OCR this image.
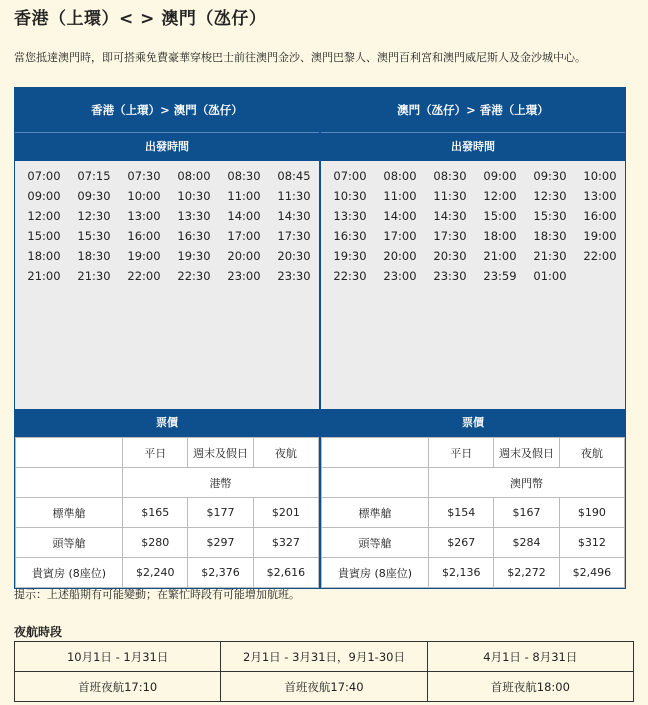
香港（上環）< > 澳門（氹仔）
當您抵達澳門時，即可搭乘免費豪華穿梭巴士前往澳門金沙、澳門巴黎人、澳門百利宮和澳門威尼斯人及金沙城中心。
香港（上環）> 澳門（氹仔）
出發時間
07:00	07:15	07:30	08:00	08:30	08:45
09:00	09:30	10:00	10:30	11:00	11:30
12:00	12:30	13:00	13:30	14:00	14:30
15:00	15:30	16:00	16:30	17:00	17:30
18:00	18:30	19:00	19:30	20:00	20:30
21:00	21:30	22:00	22:30	23:00	23:30
澳門（氹仔）> 香港（上環）
出發時間
07:00	08:00	08:30	09:00	09:30	10:00
10:30	11:00	11:30	12:00	12:30	13:00
13:30	14:00	14:30	15:00	15:30	16:00
16:30	17:00	17:30	18:00	18:30	19:00
19:30	20:00	20:30	21:00	21:30	22:00
22:30	23:00	23:30	23:59	01:00
票價
	平日	週末及假日	夜航
	港幣		
標準艙	$165	$177	$201
頭等艙	$280	$297	$327
貴賓房 (8座位)	$2,240	$2,376	$2,616
票價
	平日	週末及假日	夜航
	澳門幣		
標準艙	$154	$167	$190
頭等艙	$267	$284	$312
貴賓房 (8座位)	$2,136	$2,272	$2,496
提示：上述船期有可能變動；在繁忙時段有可能增加航班。
夜航時段
10月1日 - 1月31日	2月1日 - 3月31日，9月1-30日	4月1日 - 8月31日
首班夜航17:10	首班夜航17:40	首班夜航18:00
